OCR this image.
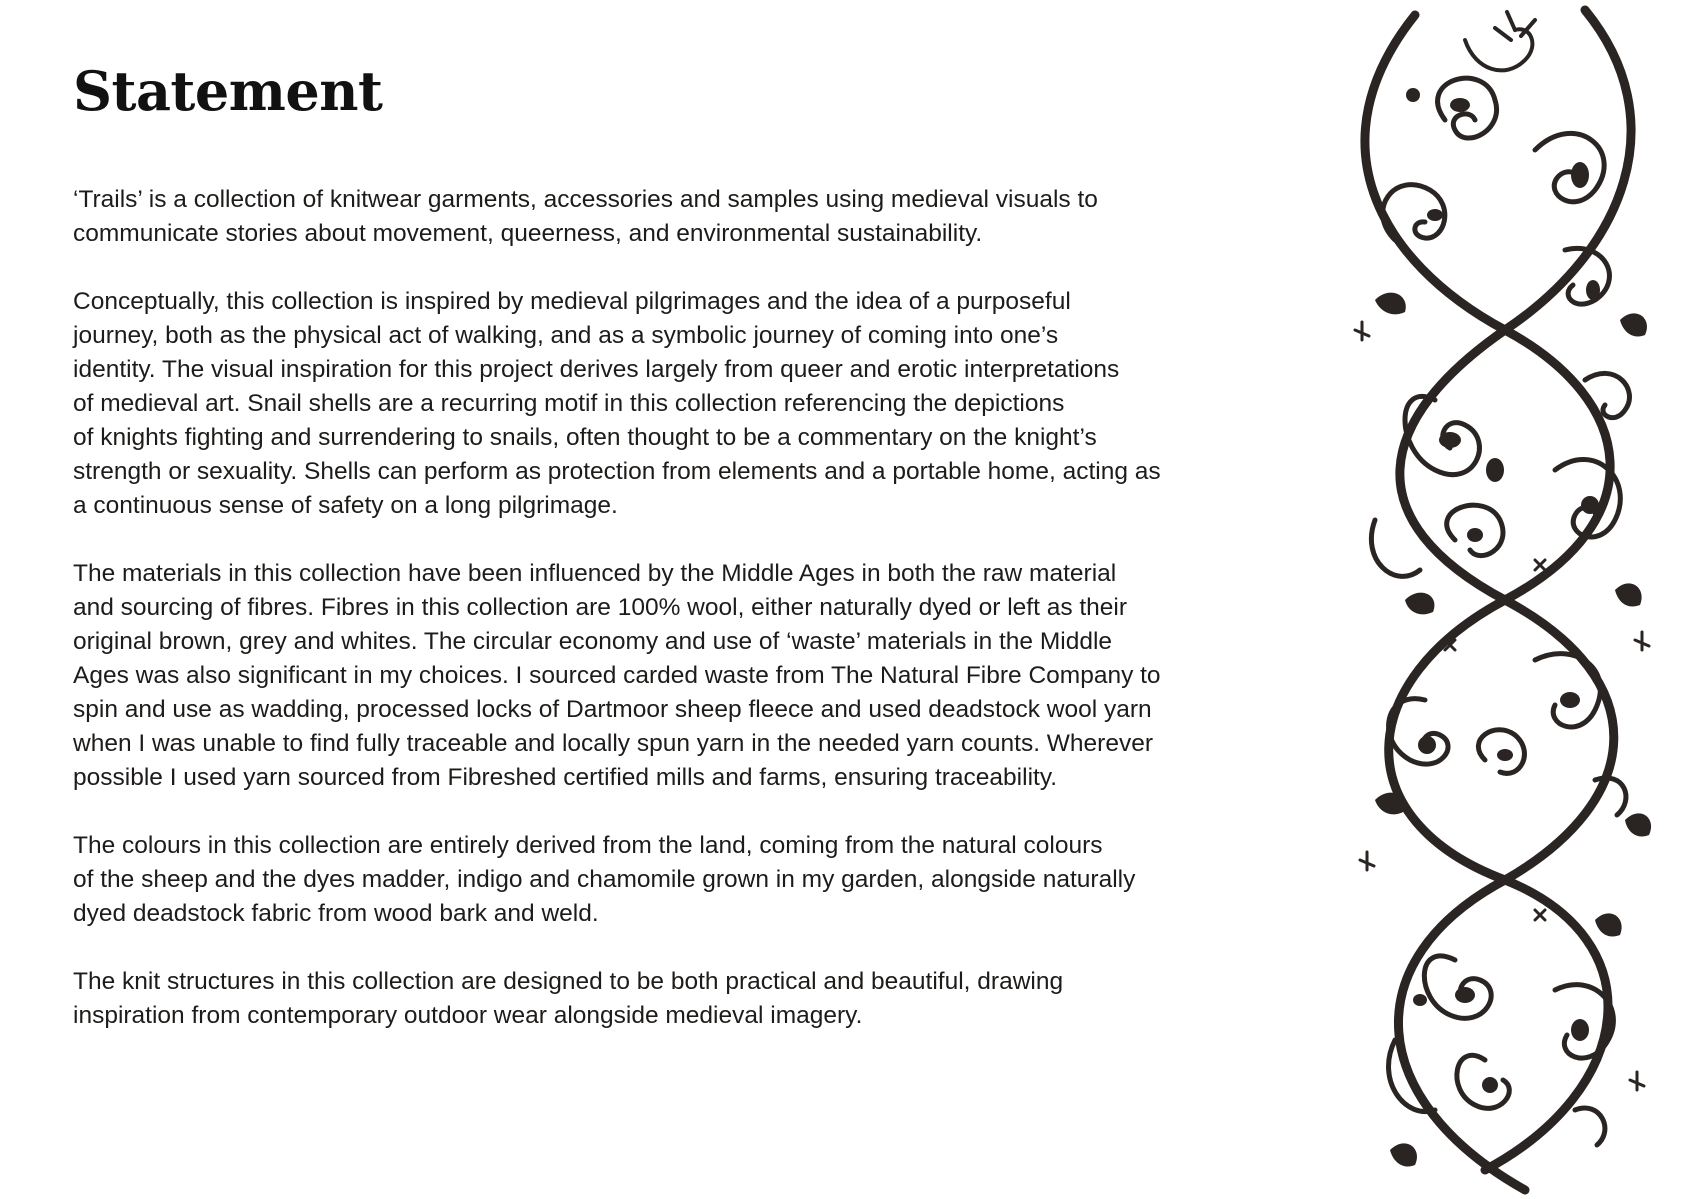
Statement

‘Trails’ is a collection of knitwear garments, accessories and samples using medieval visuals to
communicate stories about movement, queerness, and environmental sustainability.

Conceptually, this collection is inspired by medieval pilgrimages and the idea of a purposeful
journey, both as the physical act of walking, and as a symbolic journey of coming into one’s
identity. The visual inspiration for this project derives largely from queer and erotic interpretations
of medieval art. Snail shells are a recurring motif in this collection referencing the depictions
of knights fighting and surrendering to snails, often thought to be a commentary on the knight’s
strength or sexuality. Shells can perform as protection from elements and a portable home, acting as
a continuous sense of safety on a long pilgrimage.

The materials in this collection have been influenced by the Middle Ages in both the raw material
and sourcing of fibres. Fibres in this collection are 100% wool, either naturally dyed or left as their
original brown, grey and whites. The circular economy and use of ‘waste’ materials in the Middle
Ages was also significant in my choices. I sourced carded waste from The Natural Fibre Company to
spin and use as wadding, processed locks of Dartmoor sheep fleece and used deadstock wool yarn
when I was unable to find fully traceable and locally spun yarn in the needed yarn counts. Wherever
possible I used yarn sourced from Fibreshed certified mills and farms, ensuring traceability.

The colours in this collection are entirely derived from the land, coming from the natural colours
of the sheep and the dyes madder, indigo and chamomile grown in my garden, alongside naturally
dyed deadstock fabric from wood bark and weld.

The knit structures in this collection are designed to be both practical and beautiful, drawing
inspiration from contemporary outdoor wear alongside medieval imagery.
